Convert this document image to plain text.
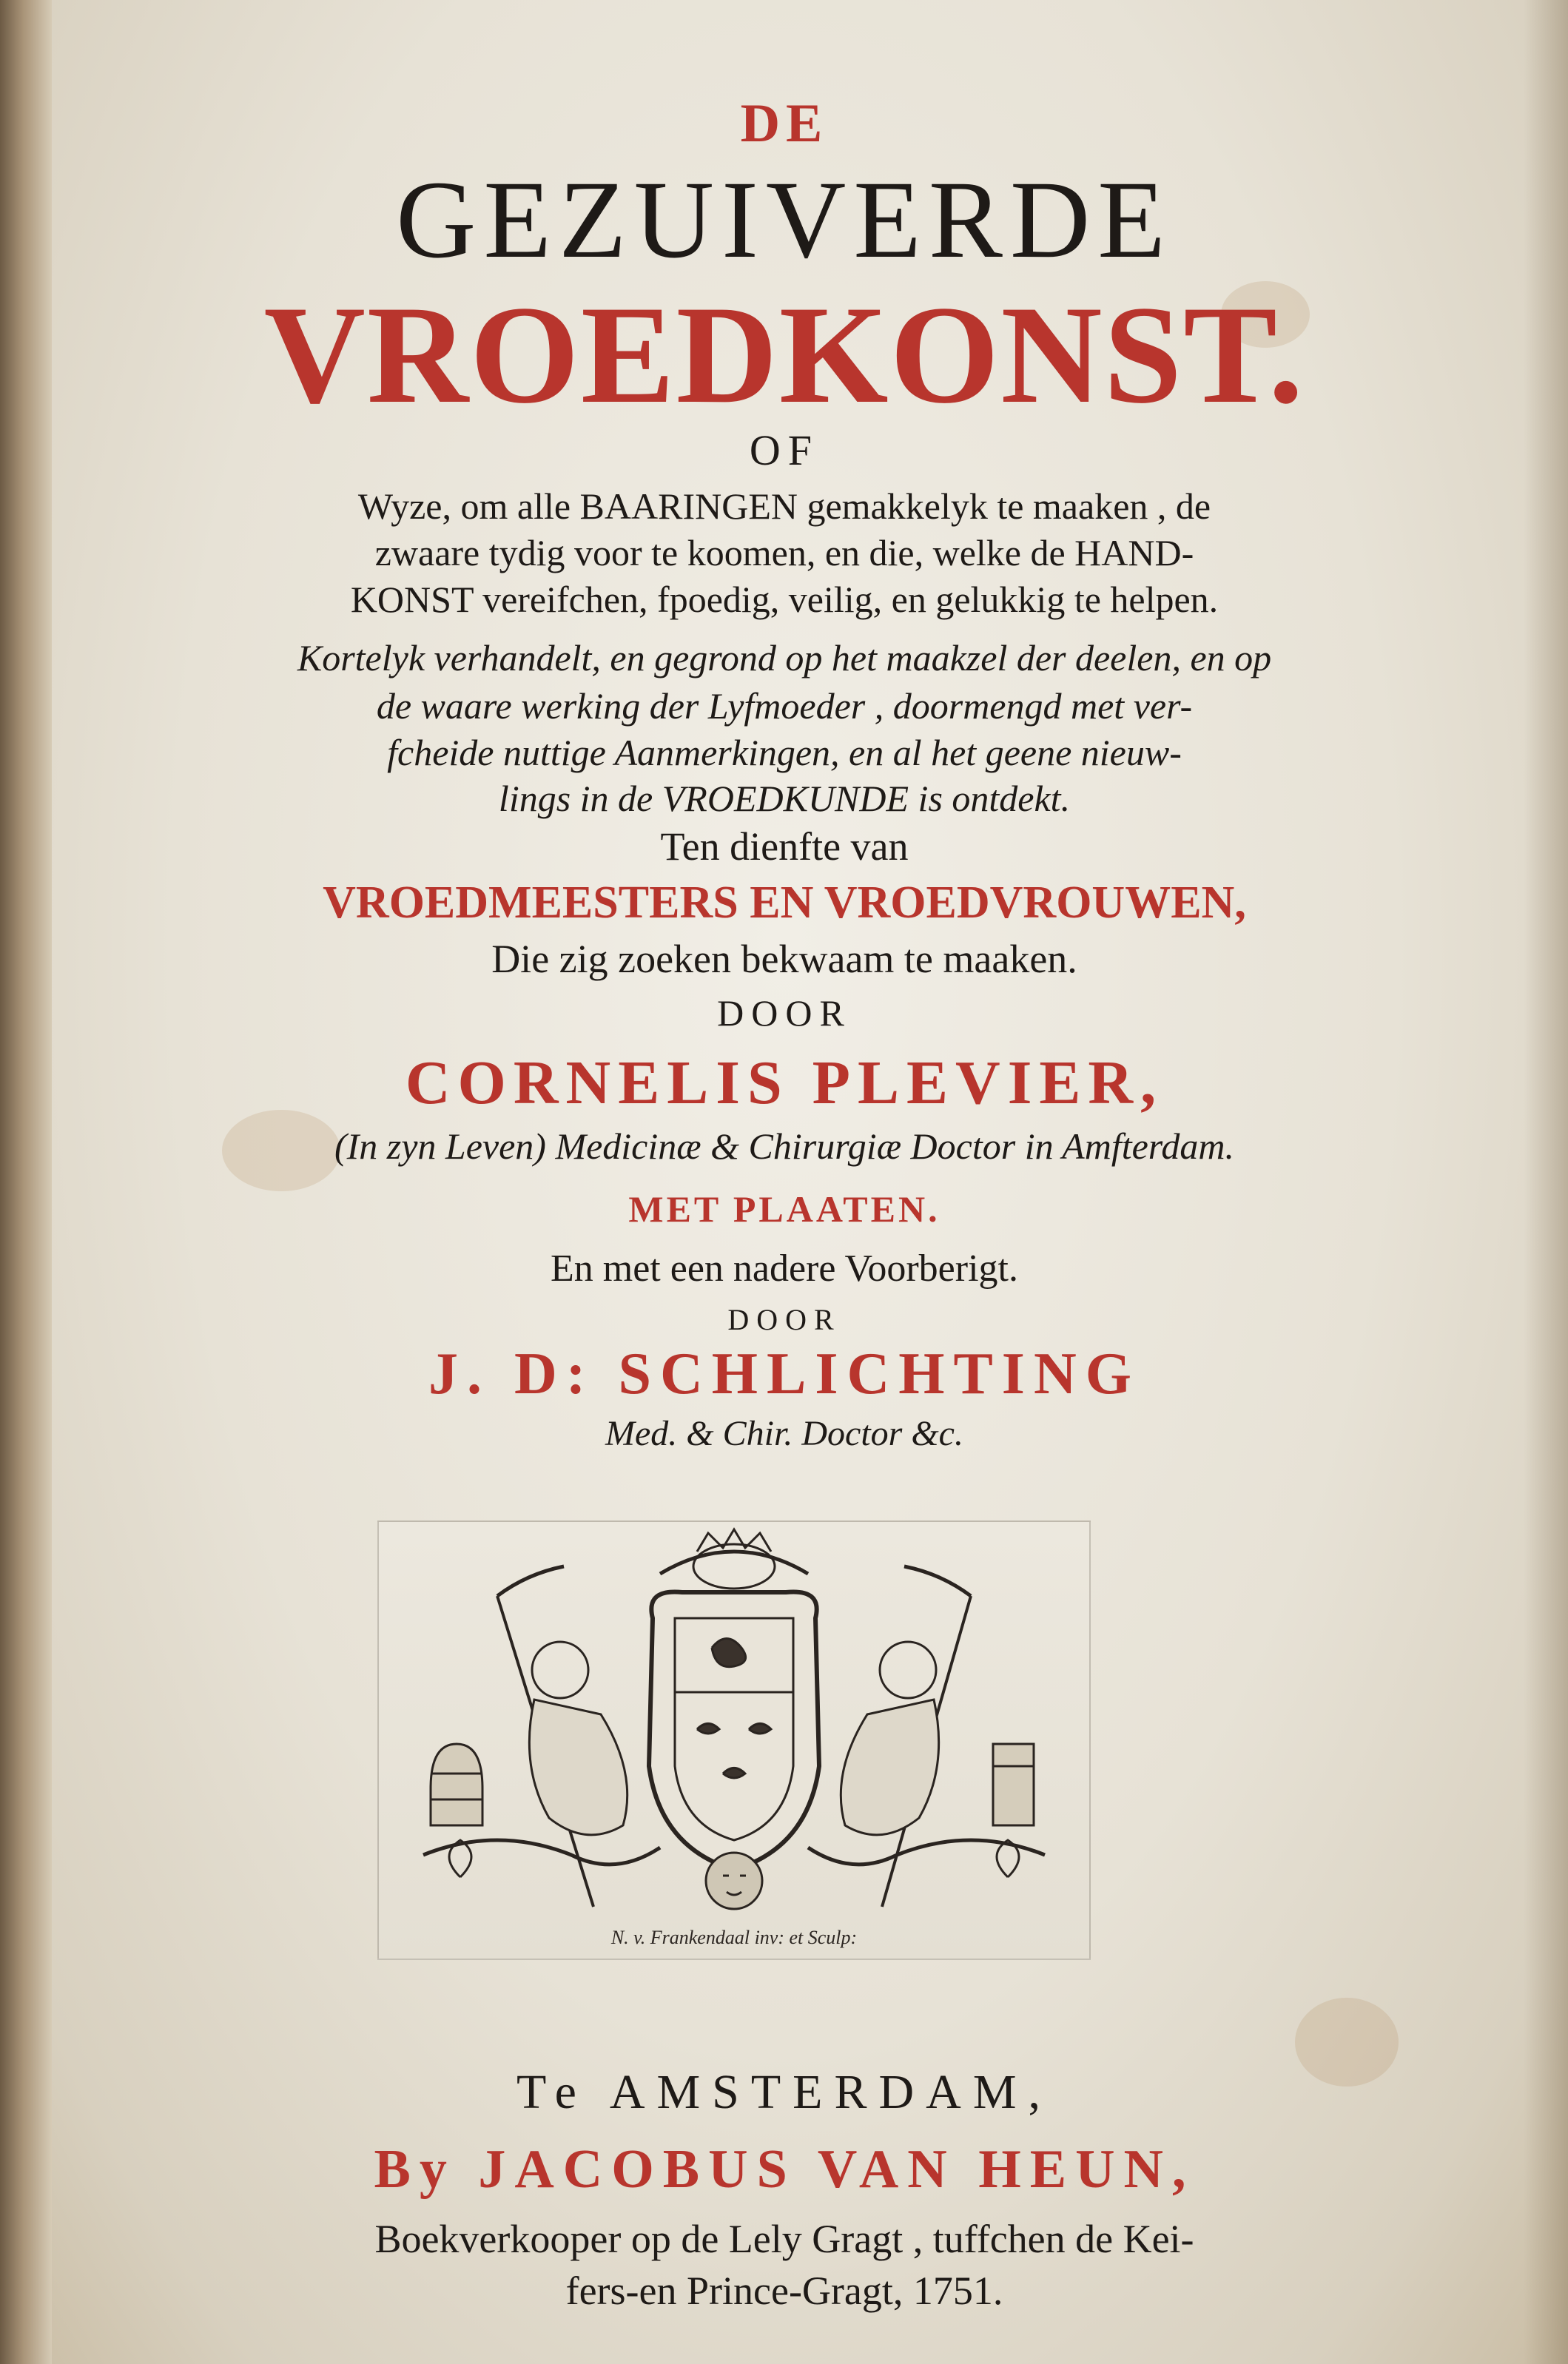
DE
GEZUIVERDE
VROEDKONST.
OF
Wyze, om alle BAARINGEN gemakkelyk te maaken , de
zwaare tydig voor te koomen, en die, welke de HAND-
KONST vereifchen, fpoedig, veilig, en gelukkig te helpen.
Kortelyk verhandelt, en gegrond op het maakzel der deelen, en op
de waare werking der Lyfmoeder , doormengd met ver-
fcheide nuttige Aanmerkingen, en al het geene nieuw-
lings in de VROEDKUNDE is ontdekt.
Ten dienfte van
VROEDMEESTERS EN VROEDVROUWEN,
Die zig zoeken bekwaam te maaken.
DOOR
CORNELIS PLEVIER,
(In zyn Leven) Medicinæ & Chirurgiæ Doctor in Amfterdam.
MET PLAATEN.
En met een nadere Voorberigt.
DOOR
J. D: SCHLICHTING
Med. & Chir. Doctor &c.
N. v. Frankendaal inv: et Sculp:
Te AMSTERDAM,
By JACOBUS VAN HEUN,
Boekverkooper op de Lely Gragt , tuffchen de Kei-
fers-en Prince-Gragt, 1751.
